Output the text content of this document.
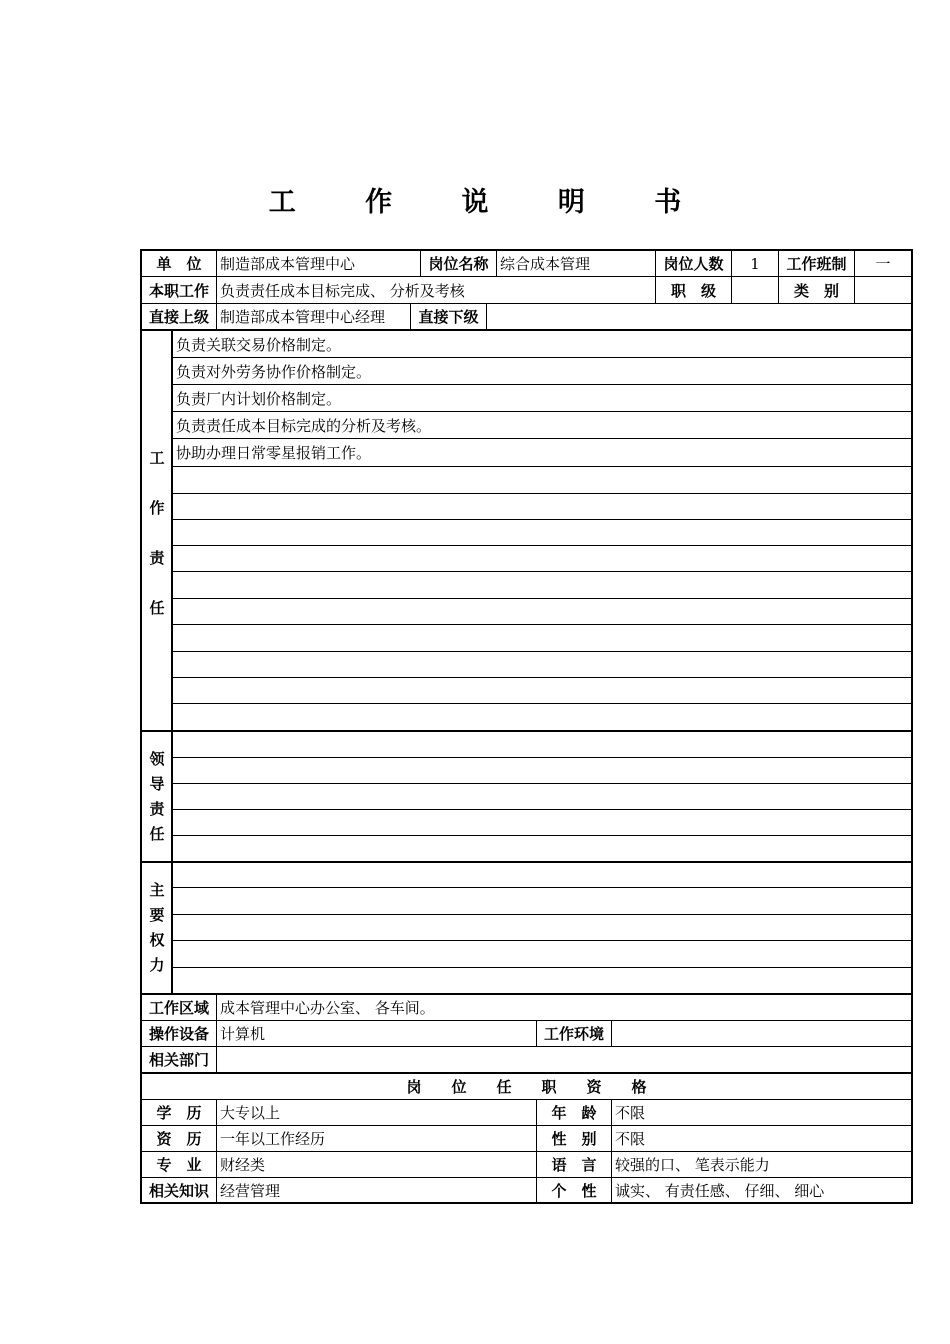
工 作 说 明 书
单　位	制造部成本管理中心	岗位名称 综合成本管理	岗位人数	1	工作班制	一
本职工作 负责责任成本目标完成、 分析及考核	职　级	类　别
直接上级 制造部成本管理中心经理	直接下级
工
作
责
任
负责关联交易价格制定。
负责对外劳务协作价格制定。
负责厂内计划价格制定。
负责责任成本目标完成的分析及考核。
协助办理日常零星报销工作。
领
导
责
任
主
要
权
力
工作区域 成本管理中心办公室、 各车间。
操作设备 计算机	工作环境
相关部门
岗　　位　　任　　职　　资　　格
学　历	大专以上	年　龄	不限
资　历	一年以工作经历	性　别	不限
专　业	财经类	语　言	较强的口、 笔表示能力
相关知识 经营管理	个　性	诚实、 有责任感、 仔细、 细心
